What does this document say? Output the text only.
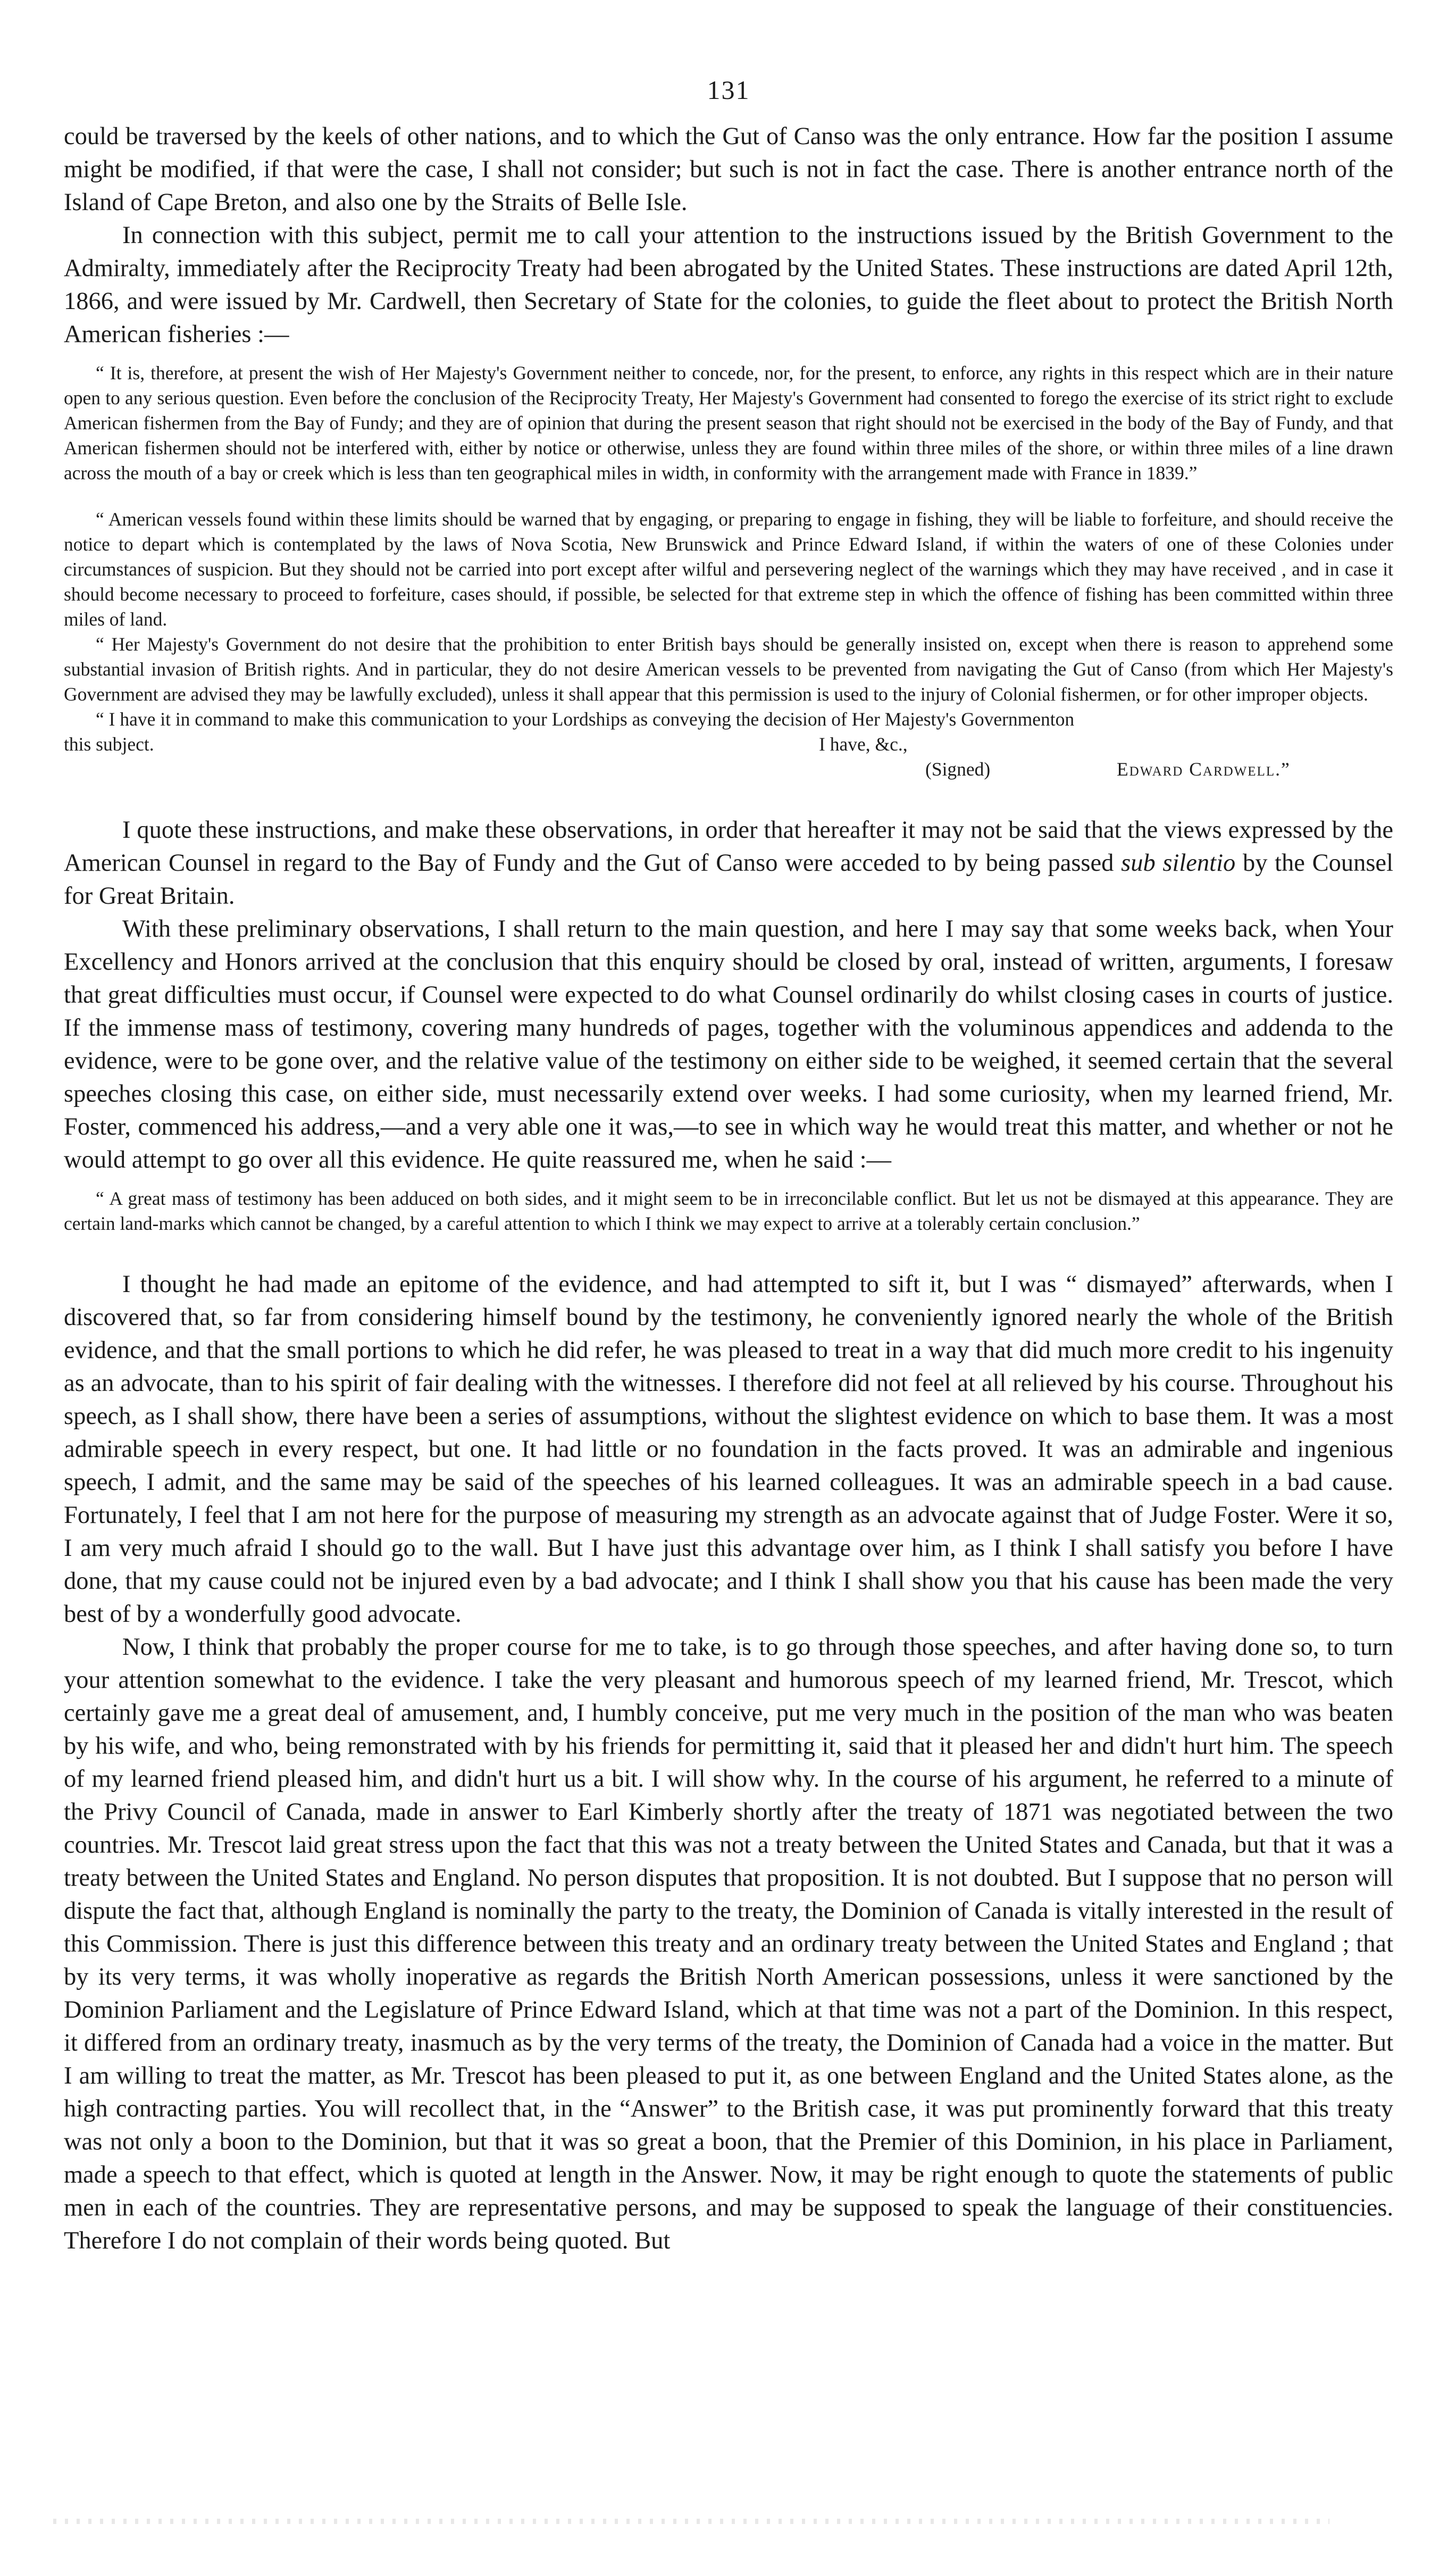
131

could be traversed by the keels of other nations, and to which the Gut of Canso was the only entrance. How far the position I assume might be modified, if that were the case, I shall not consider; but such is not in fact the case. There is another entrance north of the Island of Cape Breton, and also one by the Straits of Belle Isle.

In connection with this subject, permit me to call your attention to the instructions issued by the British Government to the Admiralty, immediately after the Reciprocity Treaty had been abrogated by the United States. These instructions are dated April 12th, 1866, and were issued by Mr. Cardwell, then Secretary of State for the colonies, to guide the fleet about to protect the British North American fisheries :—

“ It is, therefore, at present the wish of Her Majesty's Government neither to concede, nor, for the present, to enforce, any rights in this respect which are in their nature open to any serious question. Even before the conclusion of the Reciprocity Treaty, Her Majesty's Government had consented to forego the exercise of its strict right to exclude American fishermen from the Bay of Fundy; and they are of opinion that during the present season that right should not be exercised in the body of the Bay of Fundy, and that American fishermen should not be interfered with, either by notice or otherwise, unless they are found within three miles of the shore, or within three miles of a line drawn across the mouth of a bay or creek which is less than ten geographical miles in width, in conformity with the arrangement made with France in 1839.”

“ American vessels found within these limits should be warned that by engaging, or preparing to engage in fishing, they will be liable to forfeiture, and should receive the notice to depart which is contemplated by the laws of Nova Scotia, New Brunswick and Prince Edward Island, if within the waters of one of these Colonies under circumstances of suspicion. But they should not be carried into port except after wilful and persevering neglect of the warnings which they may have received , and in case it should become necessary to proceed to forfeiture, cases should, if possible, be selected for that extreme step in which the offence of fishing has been committed within three miles of land.

“ Her Majesty's Government do not desire that the prohibition to enter British bays should be generally insisted on, except when there is reason to apprehend some substantial invasion of British rights. And in particular, they do not desire American vessels to be prevented from navigating the Gut of Canso (from which Her Majesty's Government are advised they may be lawfully excluded), unless it shall appear that this permission is used to the injury of Colonial fishermen, or for other improper objects.

“ I have it in command to make this communication to your Lordships as conveying the decision of Her Majesty's Governmenton

this subject.	I have, &c.,
(Signed)	Edward Cardwell.”

I quote these instructions, and make these observations, in order that hereafter it may not be said that the views expressed by the American Counsel in regard to the Bay of Fundy and the Gut of Canso were acceded to by being passed sub silentio by the Counsel for Great Britain.

With these preliminary observations, I shall return to the main question, and here I may say that some weeks back, when Your Excellency and Honors arrived at the conclusion that this enquiry should be closed by oral, instead of written, arguments, I foresaw that great difficulties must occur, if Counsel were expected to do what Counsel ordinarily do whilst closing cases in courts of justice. If the immense mass of testimony, covering many hundreds of pages, together with the voluminous appendices and addenda to the evidence, were to be gone over, and the relative value of the testimony on either side to be weighed, it seemed certain that the several speeches closing this case, on either side, must necessarily extend over weeks. I had some curiosity, when my learned friend, Mr. Foster, commenced his address,—and a very able one it was,—to see in which way he would treat this matter, and whether or not he would attempt to go over all this evidence. He quite reassured me, when he said :—

“ A great mass of testimony has been adduced on both sides, and it might seem to be in irreconcilable conflict. But let us not be dismayed at this appearance. They are certain land-marks which cannot be changed, by a careful attention to which I think we may expect to arrive at a tolerably certain conclusion.”

I thought he had made an epitome of the evidence, and had attempted to sift it, but I was “ dismayed” afterwards, when I discovered that, so far from considering himself bound by the testimony, he conveniently ignored nearly the whole of the British evidence, and that the small portions to which he did refer, he was pleased to treat in a way that did much more credit to his ingenuity as an advocate, than to his spirit of fair dealing with the witnesses. I therefore did not feel at all relieved by his course. Throughout his speech, as I shall show, there have been a series of assumptions, without the slightest evidence on which to base them. It was a most admirable speech in every respect, but one. It had little or no foundation in the facts proved. It was an admirable and ingenious speech, I admit, and the same may be said of the speeches of his learned colleagues. It was an admirable speech in a bad cause. Fortunately, I feel that I am not here for the purpose of measuring my strength as an advocate against that of Judge Foster. Were it so, I am very much afraid I should go to the wall. But I have just this advantage over him, as I think I shall satisfy you before I have done, that my cause could not be injured even by a bad advocate; and I think I shall show you that his cause has been made the very best of by a wonderfully good advocate.

Now, I think that probably the proper course for me to take, is to go through those speeches, and after having done so, to turn your attention somewhat to the evidence. I take the very pleasant and humorous speech of my learned friend, Mr. Trescot, which certainly gave me a great deal of amusement, and, I humbly conceive, put me very much in the position of the man who was beaten by his wife, and who, being remonstrated with by his friends for permitting it, said that it pleased her and didn't hurt him. The speech of my learned friend pleased him, and didn't hurt us a bit. I will show why. In the course of his argument, he referred to a minute of the Privy Council of Canada, made in answer to Earl Kimberly shortly after the treaty of 1871 was negotiated between the two countries. Mr. Trescot laid great stress upon the fact that this was not a treaty between the United States and Canada, but that it was a treaty between the United States and England. No person disputes that proposition. It is not doubted. But I suppose that no person will dispute the fact that, although England is nominally the party to the treaty, the Dominion of Canada is vitally interested in the result of this Commission. There is just this difference between this treaty and an ordinary treaty between the United States and England ; that by its very terms, it was wholly inoperative as regards the British North American possessions, unless it were sanctioned by the Dominion Parliament and the Legislature of Prince Edward Island, which at that time was not a part of the Dominion. In this respect, it differed from an ordinary treaty, inasmuch as by the very terms of the treaty, the Dominion of Canada had a voice in the matter. But I am willing to treat the matter, as Mr. Trescot has been pleased to put it, as one between England and the United States alone, as the high contracting parties. You will recollect that, in the “Answer” to the British case, it was put prominently forward that this treaty was not only a boon to the Dominion, but that it was so great a boon, that the Premier of this Dominion, in his place in Parliament, made a speech to that effect, which is quoted at length in the Answer. Now, it may be right enough to quote the statements of public men in each of the countries. They are representative persons, and may be supposed to speak the language of their constituencies. Therefore I do not complain of their words being quoted. But
